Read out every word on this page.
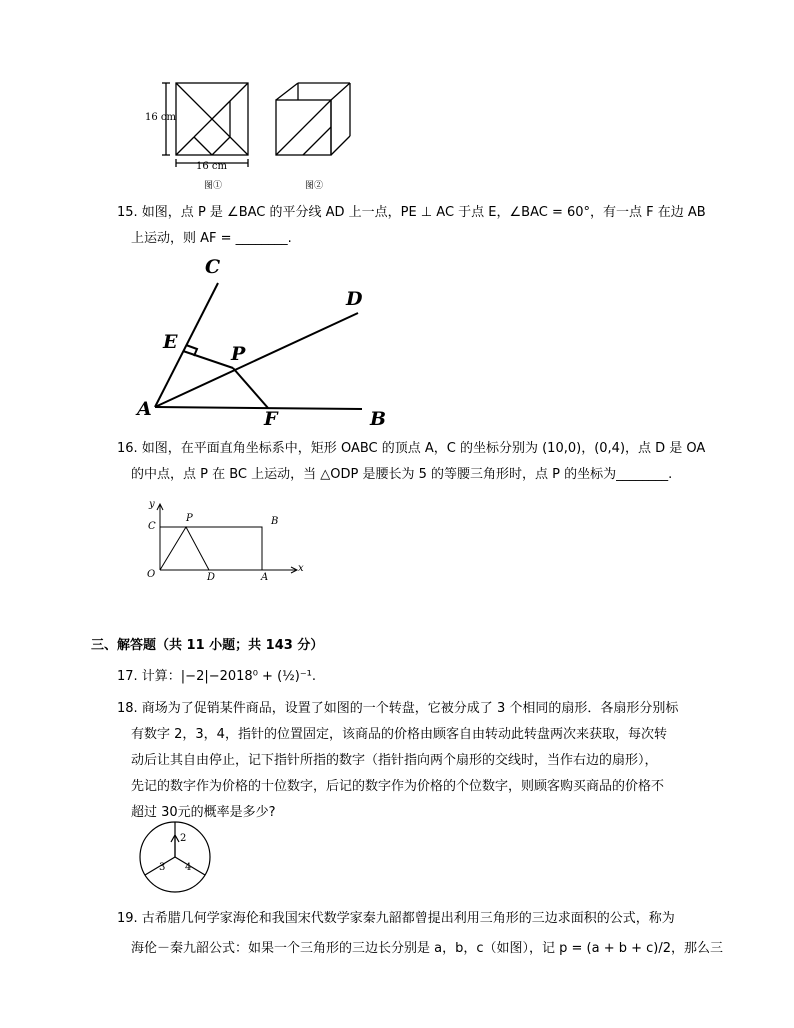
16 cm
16 cm
图①	图②
15. 如图，点 P 是 ∠BAC 的平分线 AD 上一点，PE ⊥ AC 于点 E，∠BAC = 60°，有一点 F 在边 AB
上运动，则 AF = ________.
C
D
E
P
A	F	B
16. 如图，在平面直角坐标系中，矩形 OABC 的顶点 A，C 的坐标分别为 (10,0)，(0,4)，点 D 是 OA
的中点，点 P 在 BC 上运动，当 △ODP 是腰长为 5 的等腰三角形时，点 P 的坐标为________.
y
x
C
P	B
O	D	A
三、解答题（共 11 小题；共 143 分）
17. 计算：|−2|−2018⁰ + (½)⁻¹.
18. 商场为了促销某件商品，设置了如图的一个转盘，它被分成了 3 个相同的扇形．各扇形分别标
有数字 2，3，4，指针的位置固定，该商品的价格由顾客自由转动此转盘两次来获取，每次转
动后让其自由停止，记下指针所指的数字（指针指向两个扇形的交线时，当作右边的扇形），
先记的数字作为价格的十位数字，后记的数字作为价格的个位数字，则顾客购买商品的价格不
超过 30元的概率是多少?
2
3 4
19. 古希腊几何学家海伦和我国宋代数学家秦九韶都曾提出利用三角形的三边求面积的公式，称为
海伦－秦九韶公式：如果一个三角形的三边长分别是 a，b，c（如图），记 p = (a + b + c)/2，那么三
